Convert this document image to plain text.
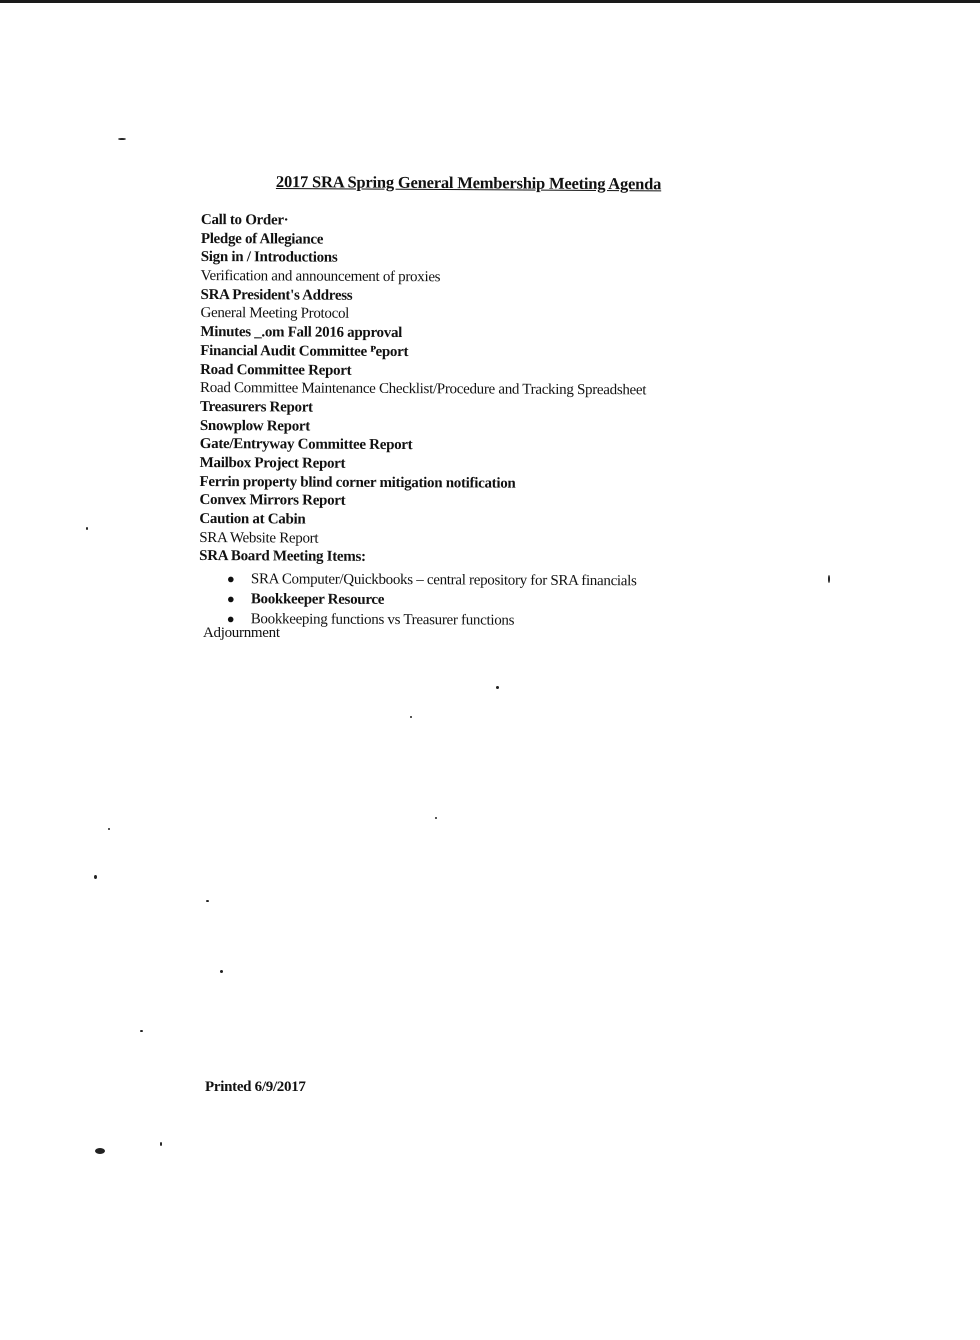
2017 SRA Spring General Membership Meeting Agenda
Call to Order·
Pledge of Allegiance
Sign in / Introductions
Verification and announcement of proxies
SRA President's Address
General Meeting Protocol
Minutes _.om Fall 2016 approval
Financial Audit Committee ᴾeport
Road Committee Report
Road Committee Maintenance Checklist/Procedure and Tracking Spreadsheet
Treasurers Report
Snowplow Report
Gate/Entryway Committee Report
Mailbox Project Report
Ferrin property blind corner mitigation notification
Convex Mirrors Report
Caution at Cabin
SRA Website Report
SRA Board Meeting Items:
● SRA Computer/Quickbooks – central repository for SRA financials
● Bookkeeper Resource
● Bookkeeping functions vs Treasurer functions
Adjournment
Printed 6/9/2017
